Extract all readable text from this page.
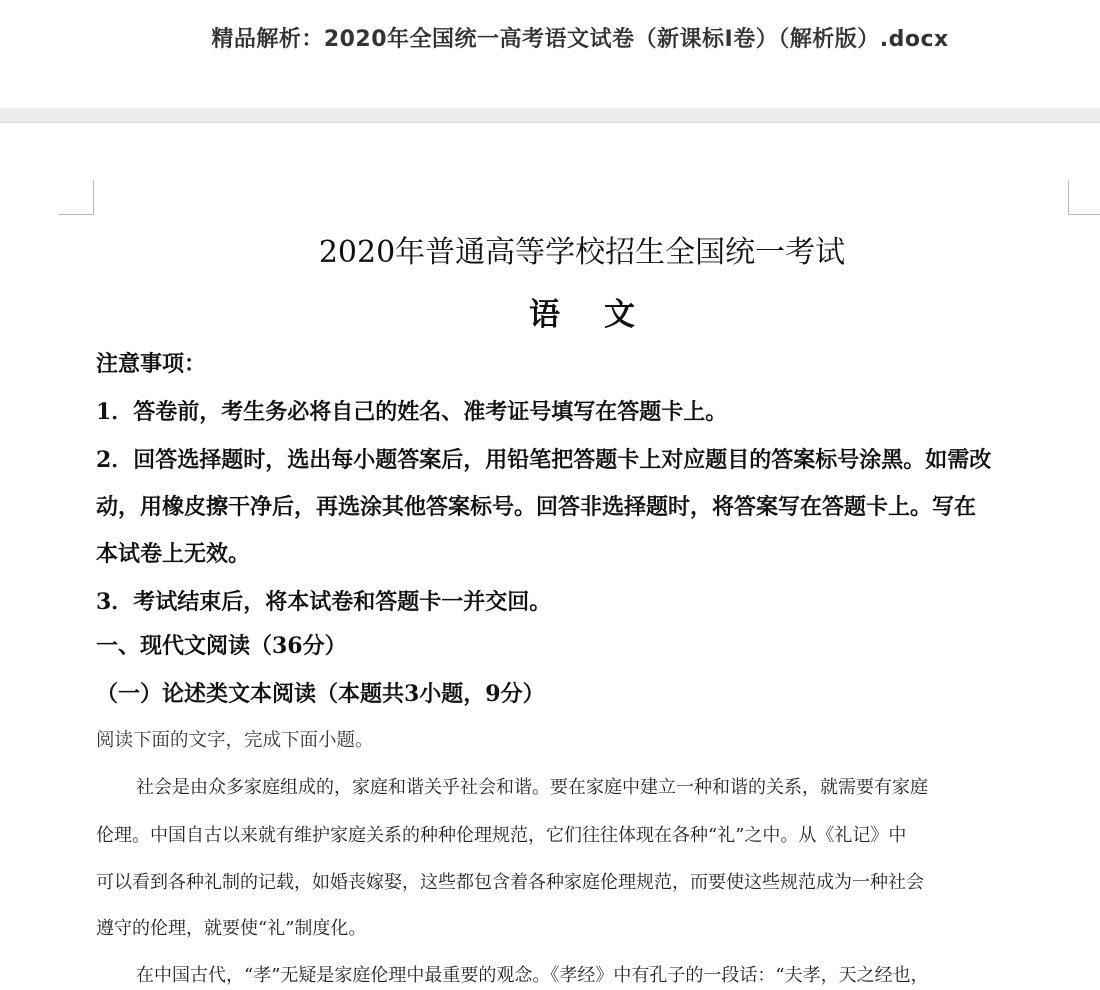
精品解析：2020年全国统一高考语文试卷（新课标Ⅰ卷）（解析版）.docx
2020年普通高等学校招生全国统一考试
语文
注意事项：
1．答卷前，考生务必将自己的姓名、准考证号填写在答题卡上。
2．回答选择题时，选出每小题答案后，用铅笔把答题卡上对应题目的答案标号涂黑。如需改
动，用橡皮擦干净后，再选涂其他答案标号。回答非选择题时，将答案写在答题卡上。写在
本试卷上无效。
3．考试结束后，将本试卷和答题卡一并交回。
一、现代文阅读（36分）
（一）论述类文本阅读（本题共3小题，9分）
阅读下面的文字，完成下面小题。
社会是由众多家庭组成的，家庭和谐关乎社会和谐。要在家庭中建立一种和谐的关系，就需要有家庭
伦理。中国自古以来就有维护家庭关系的种种伦理规范，它们往往体现在各种“礼”之中。从《礼记》中
可以看到各种礼制的记载，如婚丧嫁娶，这些都包含着各种家庭伦理规范，而要使这些规范成为一种社会
遵守的伦理，就要使“礼”制度化。
在中国古代，“孝”无疑是家庭伦理中最重要的观念。《孝经》中有孔子的一段话：“夫孝，天之经也，
